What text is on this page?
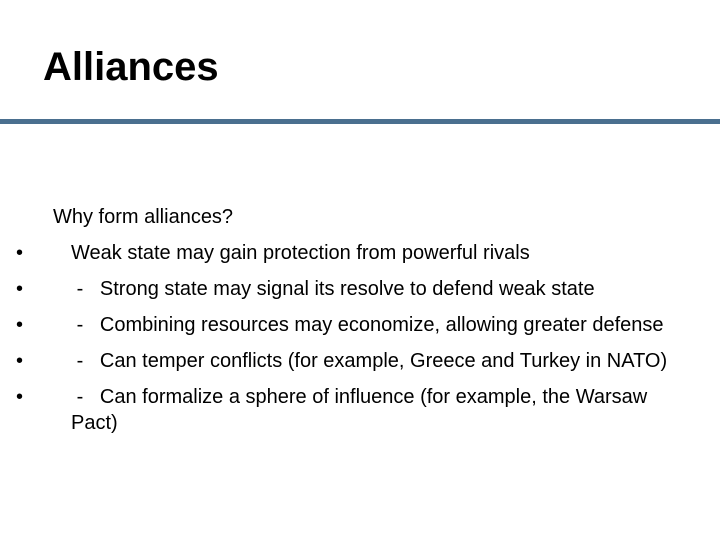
Alliances
Why form alliances?
•	Weak state may gain protection from powerful rivals
•	-   Strong state may signal its resolve to defend weak state
•	-   Combining resources may economize, allowing greater defense
•	-   Can temper conflicts (for example, Greece and Turkey in NATO)
•	-   Can formalize a sphere of influence (for example, the Warsaw Pact)
